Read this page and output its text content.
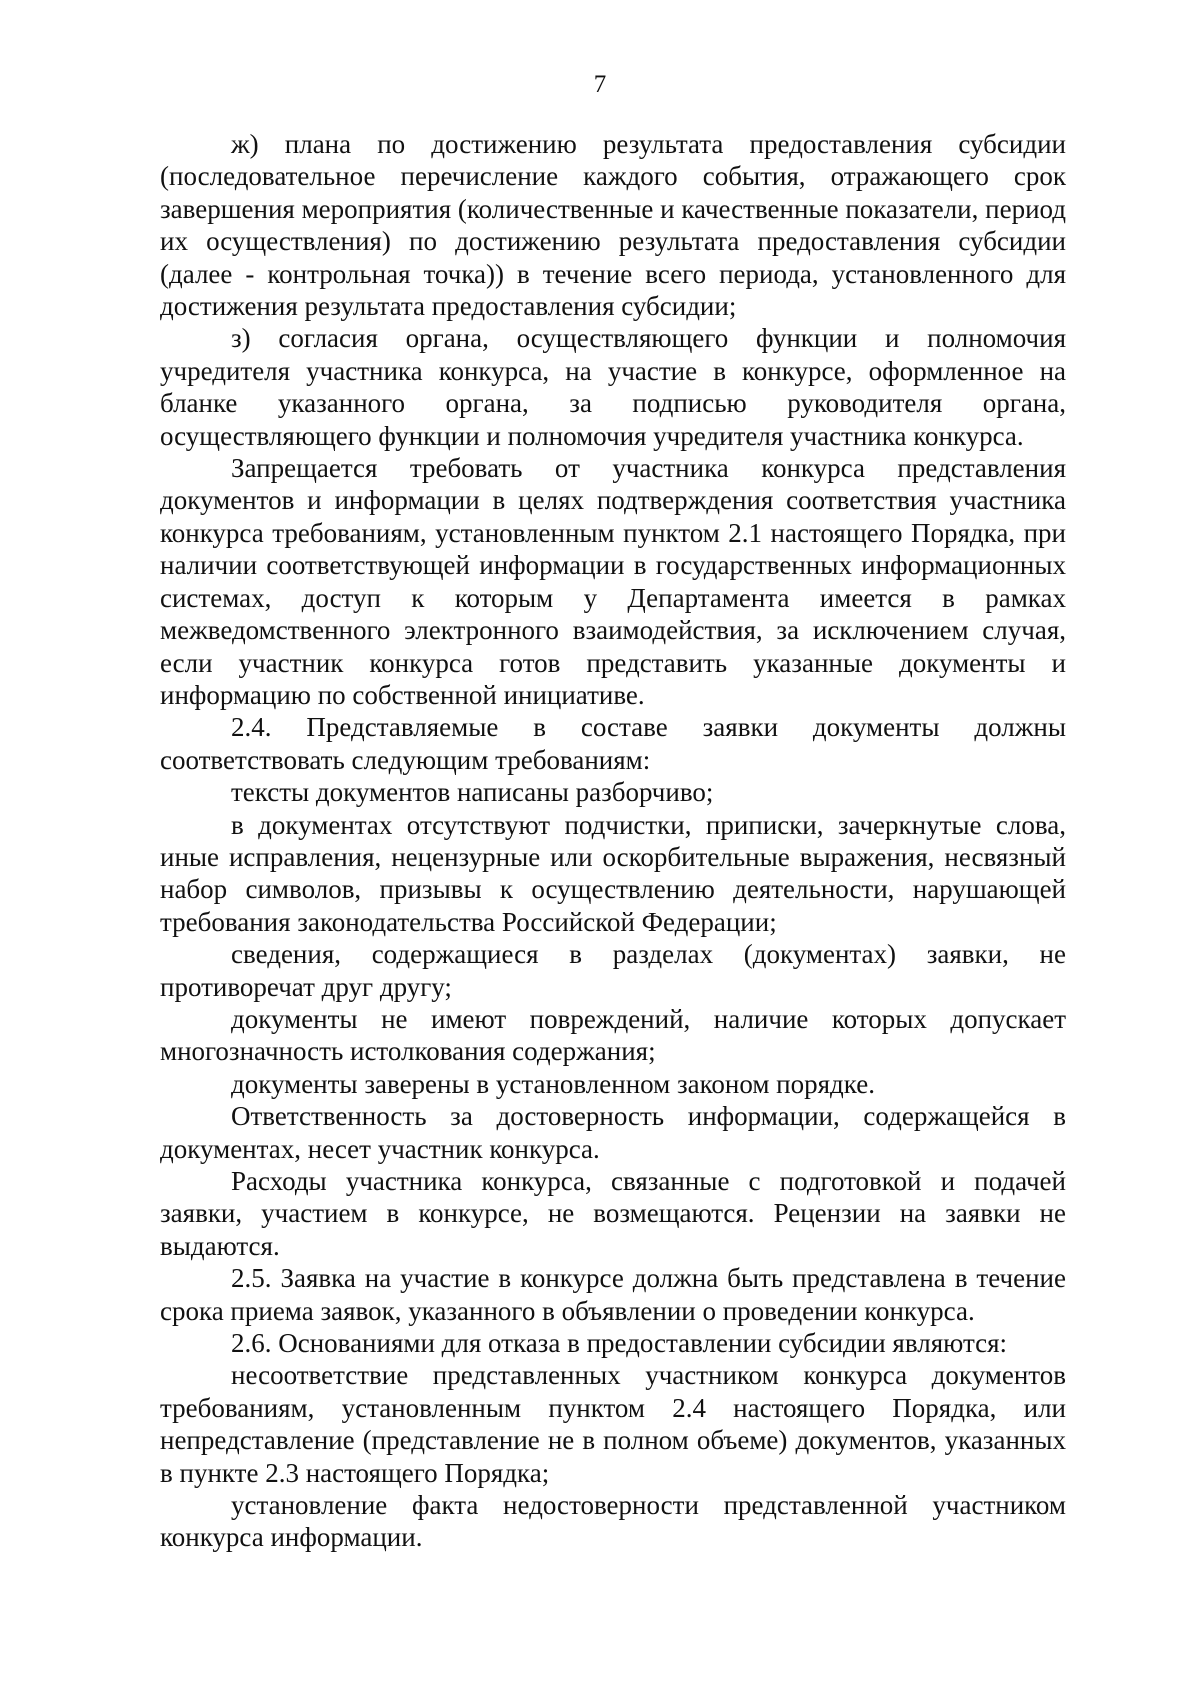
7

ж) плана по достижению результата предоставления субсидии (последовательное перечисление каждого события, отражающего срок завершения мероприятия (количественные и качественные показатели, период их осуществления) по достижению результата предоставления субсидии (далее - контрольная точка)) в течение всего периода, установленного для достижения результата предоставления субсидии;

з) согласия органа, осуществляющего функции и полномочия учредителя участника конкурса, на участие в конкурсе, оформленное на бланке указанного органа, за подписью руководителя органа, осуществляющего функции и полномочия учредителя участника конкурса.

Запрещается требовать от участника конкурса представления документов и информации в целях подтверждения соответствия участника конкурса требованиям, установленным пунктом 2.1 настоящего Порядка, при наличии соответствующей информации в государственных информационных системах, доступ к которым у Департамента имеется в рамках межведомственного электронного взаимодействия, за исключением случая, если участник конкурса готов представить указанные документы и информацию по собственной инициативе.

2.4. Представляемые в составе заявки документы должны соответствовать следующим требованиям:

тексты документов написаны разборчиво;

в документах отсутствуют подчистки, приписки, зачеркнутые слова, иные исправления, нецензурные или оскорбительные выражения, несвязный набор символов, призывы к осуществлению деятельности, нарушающей требования законодательства Российской Федерации;

сведения, содержащиеся в разделах (документах) заявки, не противоречат друг другу;

документы не имеют повреждений, наличие которых допускает многозначность истолкования содержания;

документы заверены в установленном законом порядке.

Ответственность за достоверность информации, содержащейся в документах, несет участник конкурса.

Расходы участника конкурса, связанные с подготовкой и подачей заявки, участием в конкурсе, не возмещаются. Рецензии на заявки не выдаются.

2.5. Заявка на участие в конкурсе должна быть представлена в течение срока приема заявок, указанного в объявлении о проведении конкурса.

2.6. Основаниями для отказа в предоставлении субсидии являются:

несоответствие представленных участником конкурса документов требованиям, установленным пунктом 2.4 настоящего Порядка, или непредставление (представление не в полном объеме) документов, указанных в пункте 2.3 настоящего Порядка;

установление факта недостоверности представленной участником конкурса информации.
